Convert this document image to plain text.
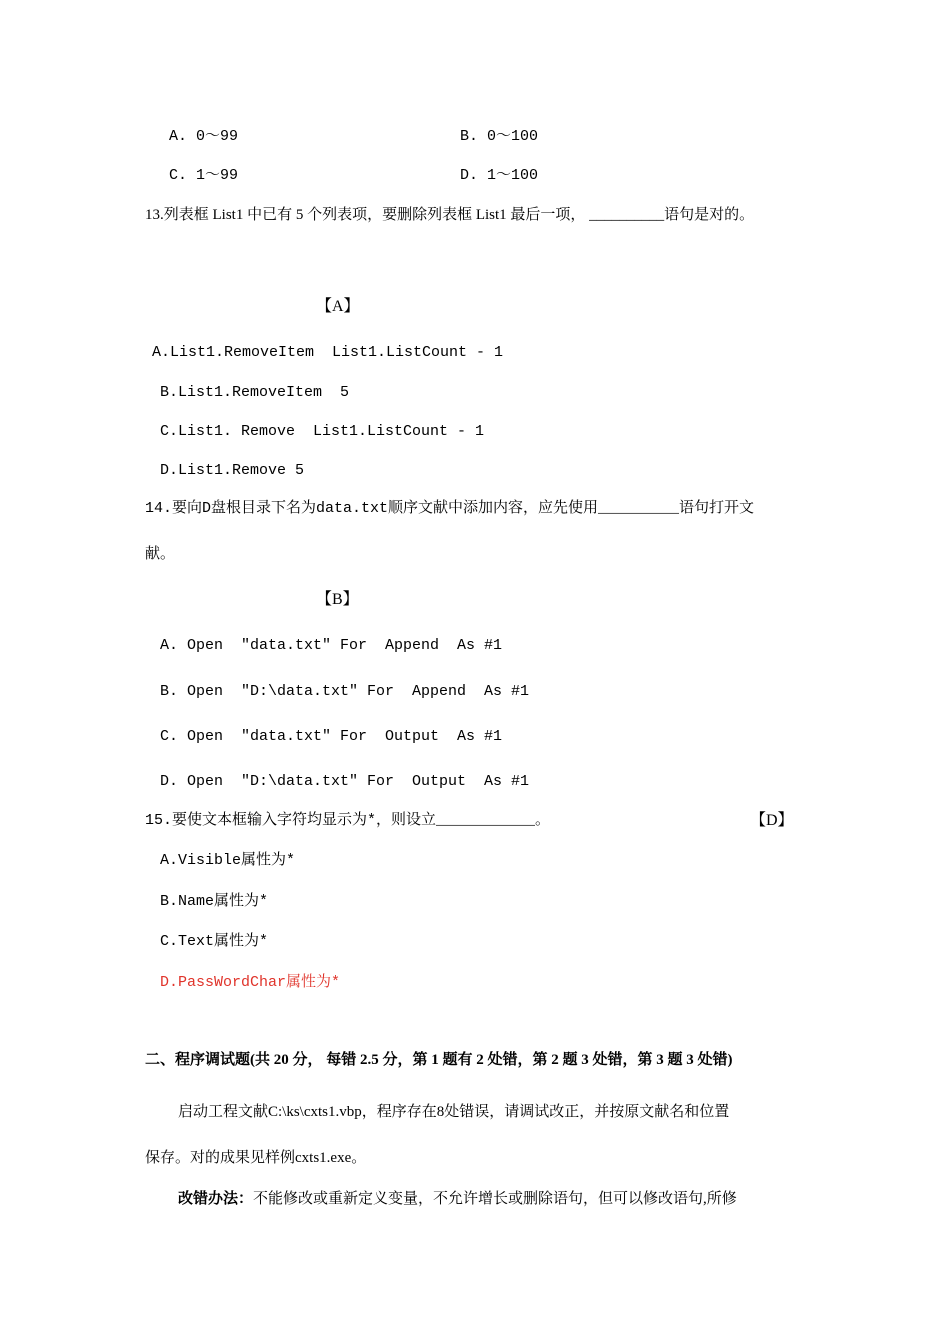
A. 0～99	B. 0～100
C. 1～99	D. 1～100
13.列表框 List1 中已有 5 个列表项，要删除列表框 List1 最后一项， __________语句是对的。
【A】
A.List1.RemoveItem  List1.ListCount - 1
B.List1.RemoveItem  5
C.List1. Remove  List1.ListCount - 1
D.List1.Remove 5
14.要向D盘根目录下名为data.txt顺序文献中添加内容，应先使用_________语句打开文
献。
【B】
A. Open  "data.txt" For  Append  As #1
B. Open  "D:\data.txt" For  Append  As #1
C. Open  "data.txt" For  Output  As #1
D. Open  "D:\data.txt" For  Output  As #1
15.要使文本框输入字符均显示为*，则设立___________。	【D】
A.Visible属性为*
B.Name属性为*
C.Text属性为*
D.PassWordChar属性为*
二、程序调试题(共 20 分， 每错 2.5 分，第 1 题有 2 处错，第 2 题 3 处错，第 3 题 3 处错)
启动工程文献C:\ks\cxts1.vbp，程序存在8处错误，请调试改正，并按原文献名和位置
保存。对的成果见样例cxts1.exe。
改错办法：不能修改或重新定义变量，不允许增长或删除语句，但可以修改语句,所修
